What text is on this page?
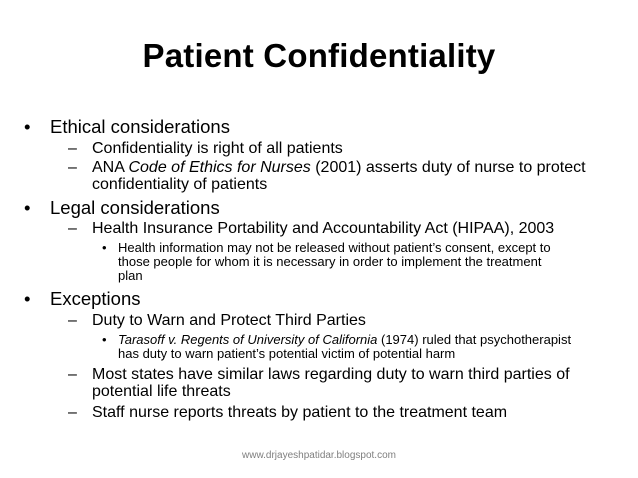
Patient Confidentiality
• Ethical considerations
– Confidentiality is right of all patients
– ANA Code of Ethics for Nurses (2001) asserts duty of nurse to protect
confidentiality of patients
• Legal considerations
– Health Insurance Portability and Accountability Act (HIPAA), 2003
• Health information may not be released without patient’s consent, except to
those people for whom it is necessary in order to implement the treatment
plan
• Exceptions
– Duty to Warn and Protect Third Parties
• Tarasoff v. Regents of University of California (1974) ruled that psychotherapist
has duty to warn patient’s potential victim of potential harm
– Most states have similar laws regarding duty to warn third parties of
potential life threats
– Staff nurse reports threats by patient to the treatment team
www.drjayeshpatidar.blogspot.com
